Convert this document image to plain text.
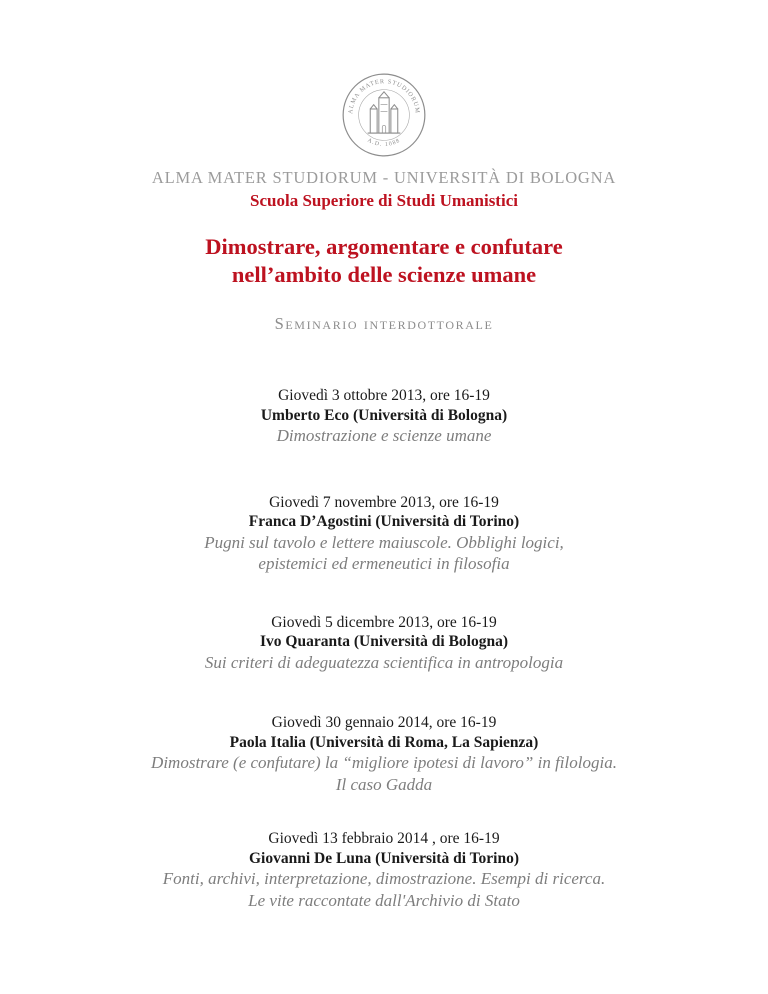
ALMA MATER STUDIORUM
A.D. 1088
ALMA MATER STUDIORUM - UNIVERSITÀ DI BOLOGNA
Scuola Superiore di Studi Umanistici
Dimostrare, argomentare e confutare
nell’ambito delle scienze umane
Seminario interdottorale
Giovedì 3 ottobre 2013, ore 16-19
Umberto Eco (Università di Bologna)
Dimostrazione e scienze umane
Giovedì 7 novembre 2013, ore 16-19
Franca D’Agostini (Università di Torino)
Pugni sul tavolo e lettere maiuscole. Obblighi logici,
epistemici ed ermeneutici in filosofia
Giovedì 5 dicembre 2013, ore 16-19
Ivo Quaranta (Università di Bologna)
Sui criteri di adeguatezza scientifica in antropologia
Giovedì 30 gennaio 2014, ore 16-19
Paola Italia (Università di Roma, La Sapienza)
Dimostrare (e confutare) la “migliore ipotesi di lavoro” in filologia.
Il caso Gadda
Giovedì 13 febbraio 2014 , ore 16-19
Giovanni De Luna (Università di Torino)
Fonti, archivi, interpretazione, dimostrazione. Esempi di ricerca.
Le vite raccontate dall'Archivio di Stato
